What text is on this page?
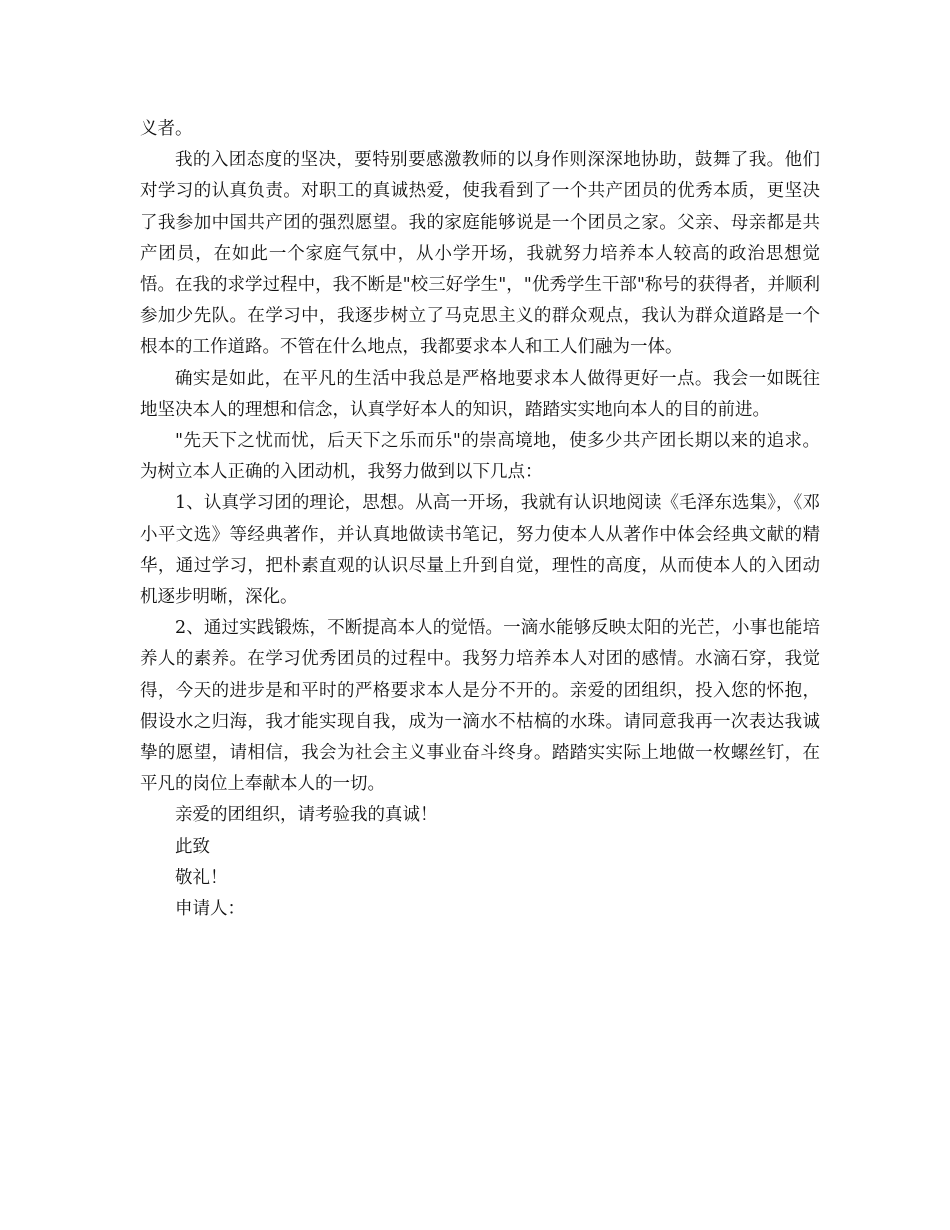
义者。

我的入团态度的坚决，要特别要感激教师的以身作则深深地协助，鼓舞了我。他们对学习的认真负责。对职工的真诚热爱，使我看到了一个共产团员的优秀本质，更坚决了我参加中国共产团的强烈愿望。我的家庭能够说是一个团员之家。父亲、母亲都是共产团员，在如此一个家庭气氛中，从小学开场，我就努力培养本人较高的政治思想觉悟。在我的求学过程中，我不断是"校三好学生"，"优秀学生干部"称号的获得者，并顺利参加少先队。在学习中，我逐步树立了马克思主义的群众观点，我认为群众道路是一个根本的工作道路。不管在什么地点，我都要求本人和工人们融为一体。

确实是如此，在平凡的生活中我总是严格地要求本人做得更好一点。我会一如既往地坚决本人的理想和信念，认真学好本人的知识，踏踏实实地向本人的目的前进。

"先天下之忧而忧，后天下之乐而乐"的崇高境地，使多少共产团长期以来的追求。为树立本人正确的入团动机，我努力做到以下几点：

1、认真学习团的理论，思想。从高一开场，我就有认识地阅读《毛泽东选集》，《邓小平文选》等经典著作，并认真地做读书笔记，努力使本人从著作中体会经典文献的精华，通过学习，把朴素直观的认识尽量上升到自觉，理性的高度，从而使本人的入团动机逐步明晰，深化。

2、通过实践锻炼，不断提高本人的觉悟。一滴水能够反映太阳的光芒，小事也能培养人的素养。在学习优秀团员的过程中。我努力培养本人对团的感情。水滴石穿，我觉得，今天的进步是和平时的严格要求本人是分不开的。亲爱的团组织，投入您的怀抱，假设水之归海，我才能实现自我，成为一滴水不枯槁的水珠。请同意我再一次表达我诚挚的愿望，请相信，我会为社会主义事业奋斗终身。踏踏实实际上地做一枚螺丝钉，在平凡的岗位上奉献本人的一切。

亲爱的团组织，请考验我的真诚！

此致

敬礼！

申请人：
